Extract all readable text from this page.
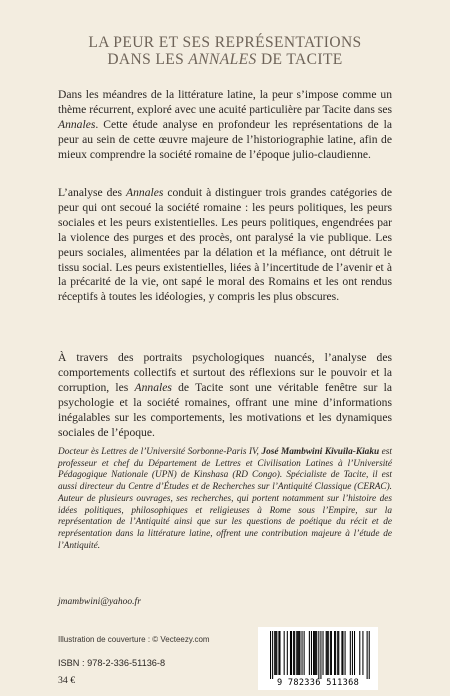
LA PEUR ET SES REPRÉSENTATIONS
DANS LES ANNALES DE TACITE
Dans les méandres de la littérature latine, la peur s’impose comme un thème récurrent, exploré avec une acuité particulière par Tacite dans ses Annales. Cette étude analyse en profondeur les représentations de la peur au sein de cette œuvre majeure de l’historiographie latine, afin de mieux comprendre la société romaine de l’époque julio-claudienne.
L’analyse des Annales conduit à distinguer trois grandes catégories de peur qui ont secoué la société romaine : les peurs politiques, les peurs sociales et les peurs existentielles. Les peurs politiques, engendrées par la violence des purges et des procès, ont paralysé la vie publique. Les peurs sociales, alimentées par la délation et la méfiance, ont détruit le tissu social. Les peurs existentielles, liées à l’incertitude de l’avenir et à la précarité de la vie, ont sapé le moral des Romains et les ont rendus réceptifs à toutes les idéologies, y compris les plus obscures.
À travers des portraits psychologiques nuancés, l’analyse des comportements collectifs et surtout des réflexions sur le pouvoir et la corruption, les Annales de Tacite sont une véritable fenêtre sur la psychologie et la société romaines, offrant une mine d’informations inégalables sur les comportements, les motivations et les dynamiques sociales de l’époque.
Docteur ès Lettres de l’Université Sorbonne-Paris IV, José Mambwini Kivuila-Kiaku est professeur et chef du Département de Lettres et Civilisation Latines à l’Université Pédagogique Nationale (UPN) de Kinshasa (RD Congo). Spécialiste de Tacite, il est aussi directeur du Centre d’Études et de Recherches sur l’Antiquité Classique (CERAC). Auteur de plusieurs ouvrages, ses recherches, qui portent notamment sur l’histoire des idées politiques, philosophiques et religieuses à Rome sous l’Empire, sur la représentation de l’Antiquité ainsi que sur les questions de poétique du récit et de représentation dans la littérature latine, offrent une contribution majeure à l’étude de l’Antiquité.
jmambwini@yahoo.fr
Illustration de couverture : © Vecteezy.com
ISBN : 978-2-336-51136-8
34 €	9 782336 511368
